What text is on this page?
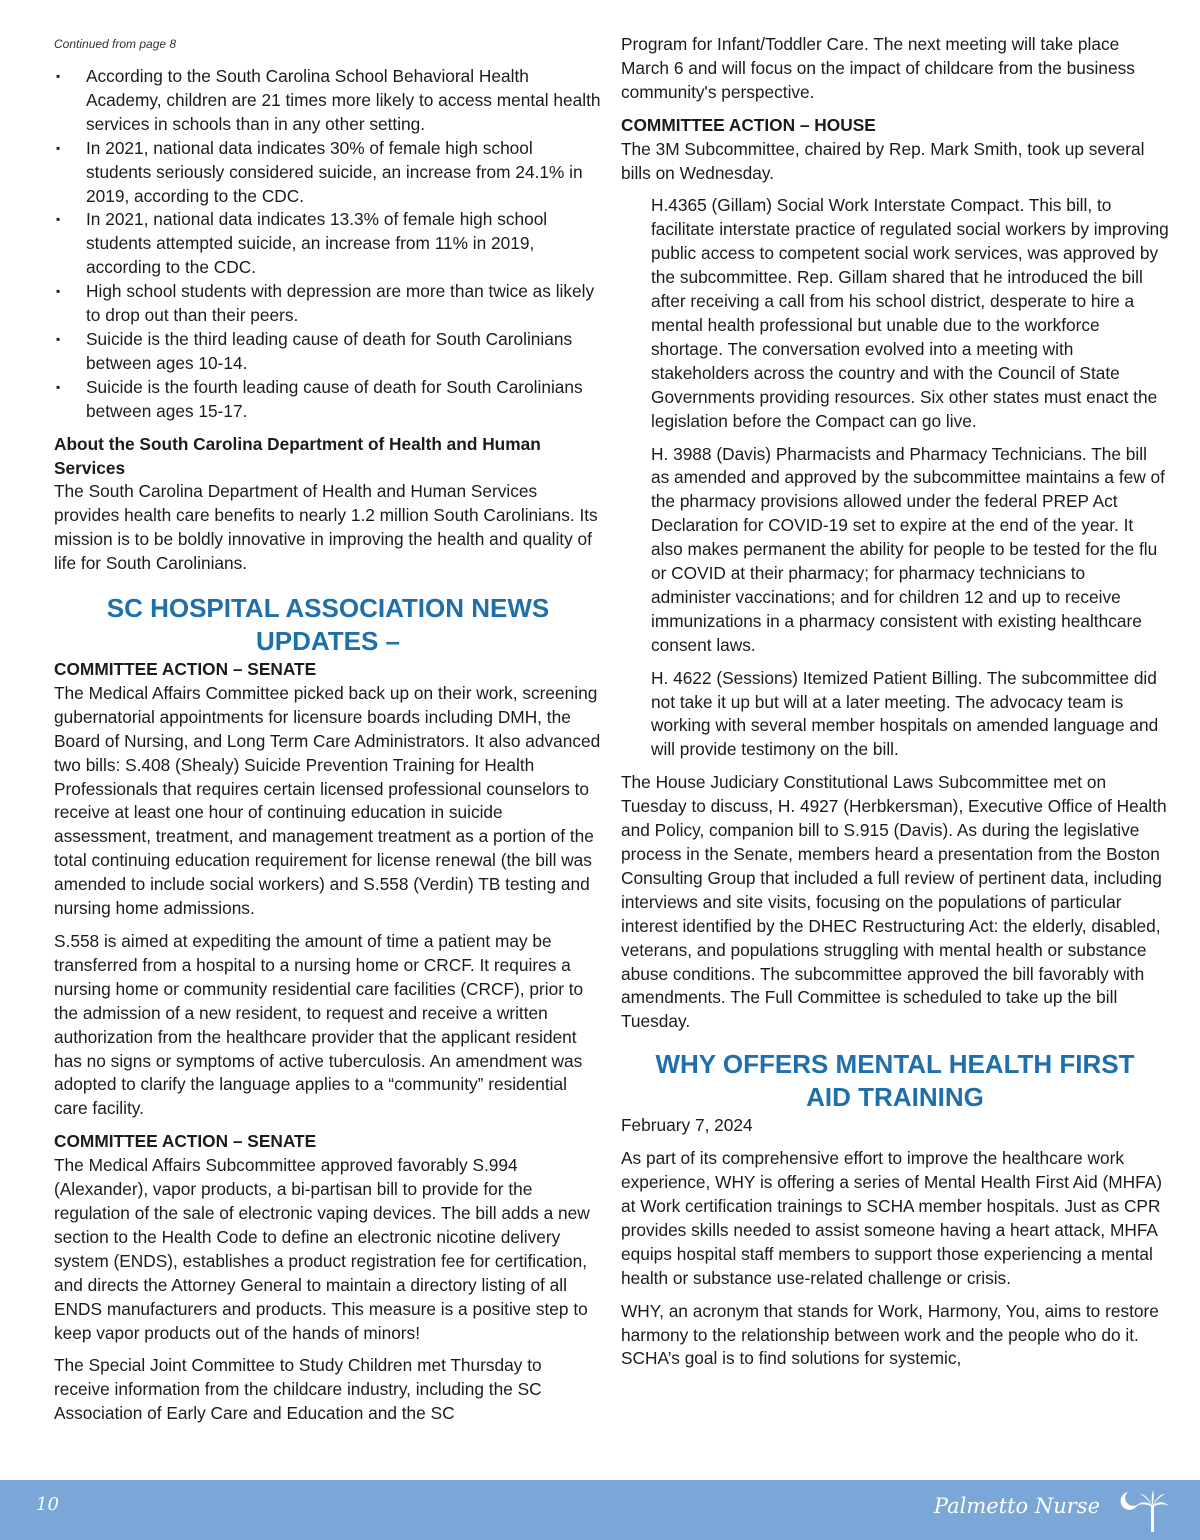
Continued from page 8

▪ According to the South Carolina School Behavioral Health Academy, children are 21 times more likely to access mental health services in schools than in any other setting.
▪ In 2021, national data indicates 30% of female high school students seriously considered suicide, an increase from 24.1% in 2019, according to the CDC.
▪ In 2021, national data indicates 13.3% of female high school students attempted suicide, an increase from 11% in 2019, according to the CDC.
▪ High school students with depression are more than twice as likely to drop out than their peers.
▪ Suicide is the third leading cause of death for South Carolinians between ages 10-14.
▪ Suicide is the fourth leading cause of death for South Carolinians between ages 15-17.

About the South Carolina Department of Health and Human Services

The South Carolina Department of Health and Human Services provides health care benefits to nearly 1.2 million South Carolinians. Its mission is to be boldly innovative in improving the health and quality of life for South Carolinians.

SC HOSPITAL ASSOCIATION NEWS UPDATES –

COMMITTEE ACTION – SENATE

The Medical Affairs Committee picked back up on their work, screening gubernatorial appointments for licensure boards including DMH, the Board of Nursing, and Long Term Care Administrators. It also advanced two bills: S.408 (Shealy) Suicide Prevention Training for Health Professionals that requires certain licensed professional counselors to receive at least one hour of continuing education in suicide assessment, treatment, and management treatment as a portion of the total continuing education requirement for license renewal (the bill was amended to include social workers) and S.558 (Verdin) TB testing and nursing home admissions.

S.558 is aimed at expediting the amount of time a patient may be transferred from a hospital to a nursing home or CRCF. It requires a nursing home or community residential care facilities (CRCF), prior to the admission of a new resident, to request and receive a written authorization from the healthcare provider that the applicant resident has no signs or symptoms of active tuberculosis. An amendment was adopted to clarify the language applies to a “community” residential care facility.

COMMITTEE ACTION – SENATE

The Medical Affairs Subcommittee approved favorably S.994 (Alexander), vapor products, a bi-partisan bill to provide for the regulation of the sale of electronic vaping devices. The bill adds a new section to the Health Code to define an electronic nicotine delivery system (ENDS), establishes a product registration fee for certification, and directs the Attorney General to maintain a directory listing of all ENDS manufacturers and products. This measure is a positive step to keep vapor products out of the hands of minors!

The Special Joint Committee to Study Children met Thursday to receive information from the childcare industry, including the SC Association of Early Care and Education and the SC

Program for Infant/Toddler Care. The next meeting will take place March 6 and will focus on the impact of childcare from the business community's perspective.

COMMITTEE ACTION – HOUSE

The 3M Subcommittee, chaired by Rep. Mark Smith, took up several bills on Wednesday.

H.4365 (Gillam) Social Work Interstate Compact. This bill, to facilitate interstate practice of regulated social workers by improving public access to competent social work services, was approved by the subcommittee. Rep. Gillam shared that he introduced the bill after receiving a call from his school district, desperate to hire a mental health professional but unable due to the workforce shortage. The conversation evolved into a meeting with stakeholders across the country and with the Council of State Governments providing resources. Six other states must enact the legislation before the Compact can go live.

H. 3988 (Davis) Pharmacists and Pharmacy Technicians. The bill as amended and approved by the subcommittee maintains a few of the pharmacy provisions allowed under the federal PREP Act Declaration for COVID-19 set to expire at the end of the year. It also makes permanent the ability for people to be tested for the flu or COVID at their pharmacy; for pharmacy technicians to administer vaccinations; and for children 12 and up to receive immunizations in a pharmacy consistent with existing healthcare consent laws.

H. 4622 (Sessions) Itemized Patient Billing. The subcommittee did not take it up but will at a later meeting. The advocacy team is working with several member hospitals on amended language and will provide testimony on the bill.

The House Judiciary Constitutional Laws Subcommittee met on Tuesday to discuss, H. 4927 (Herbkersman), Executive Office of Health and Policy, companion bill to S.915 (Davis). As during the legislative process in the Senate, members heard a presentation from the Boston Consulting Group that included a full review of pertinent data, including interviews and site visits, focusing on the populations of particular interest identified by the DHEC Restructuring Act: the elderly, disabled, veterans, and populations struggling with mental health or substance abuse conditions. The subcommittee approved the bill favorably with amendments. The Full Committee is scheduled to take up the bill Tuesday.

WHY OFFERS MENTAL HEALTH FIRST AID TRAINING

February 7, 2024

As part of its comprehensive effort to improve the healthcare work experience, WHY is offering a series of Mental Health First Aid (MHFA) at Work certification trainings to SCHA member hospitals. Just as CPR provides skills needed to assist someone having a heart attack, MHFA equips hospital staff members to support those experiencing a mental health or substance use-related challenge or crisis.

WHY, an acronym that stands for Work, Harmony, You, aims to restore harmony to the relationship between work and the people who do it. SCHA’s goal is to find solutions for systemic,

10	Palmetto Nurse
